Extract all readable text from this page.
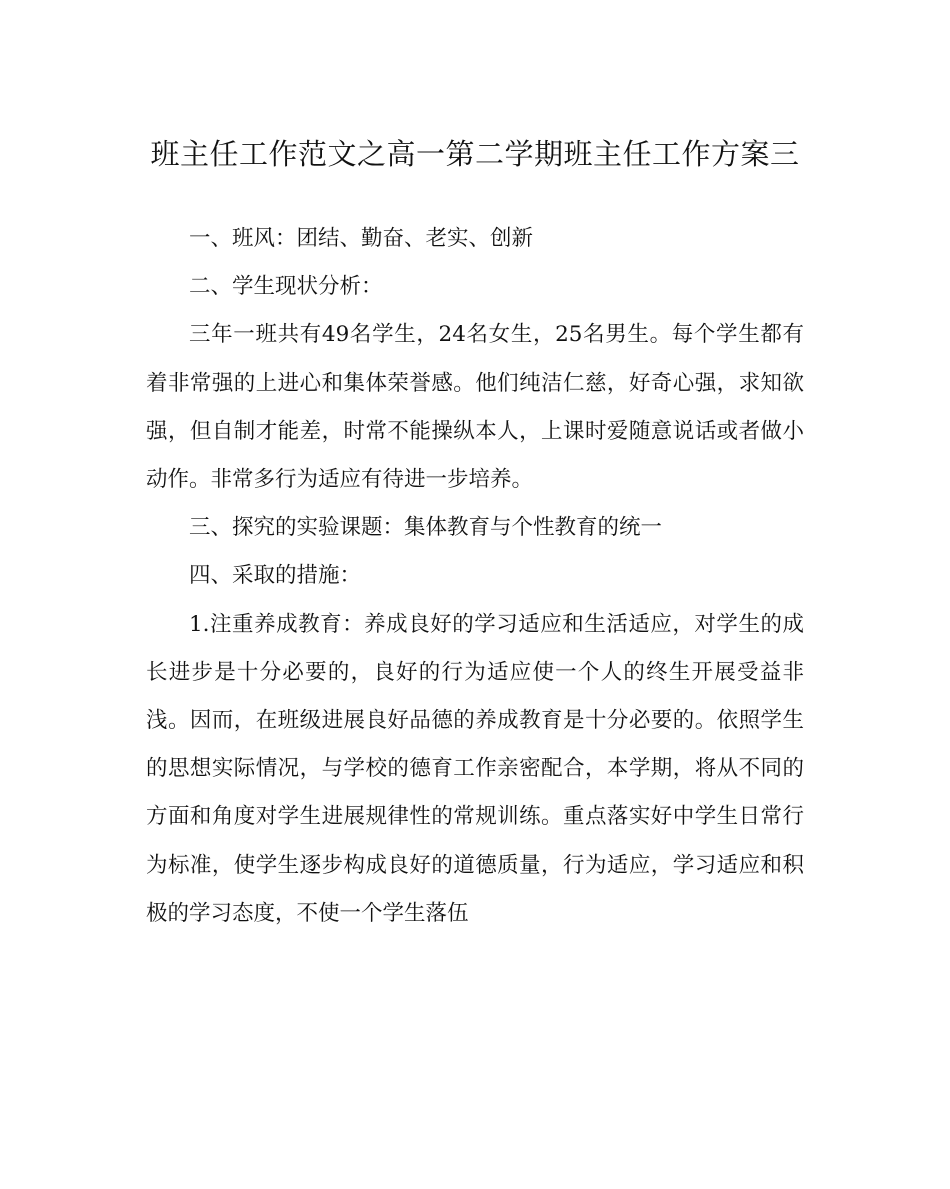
班主任工作范文之高一第二学期班主任工作方案三

一、班风：团结、勤奋、老实、创新

二、学生现状分析：

三年一班共有49名学生，24名女生，25名男生。每个学生都有着非常强的上进心和集体荣誉感。他们纯洁仁慈，好奇心强，求知欲强，但自制才能差，时常不能操纵本人，上课时爱随意说话或者做小动作。非常多行为适应有待进一步培养。

三、探究的实验课题：集体教育与个性教育的统一

四、采取的措施：

1.注重养成教育：养成良好的学习适应和生活适应，对学生的成长进步是十分必要的，良好的行为适应使一个人的终生开展受益非浅。因而，在班级进展良好品德的养成教育是十分必要的。依照学生的思想实际情况，与学校的德育工作亲密配合，本学期，将从不同的方面和角度对学生进展规律性的常规训练。重点落实好中学生日常行为标准，使学生逐步构成良好的道德质量，行为适应，学习适应和积极的学习态度，不使一个学生落伍
